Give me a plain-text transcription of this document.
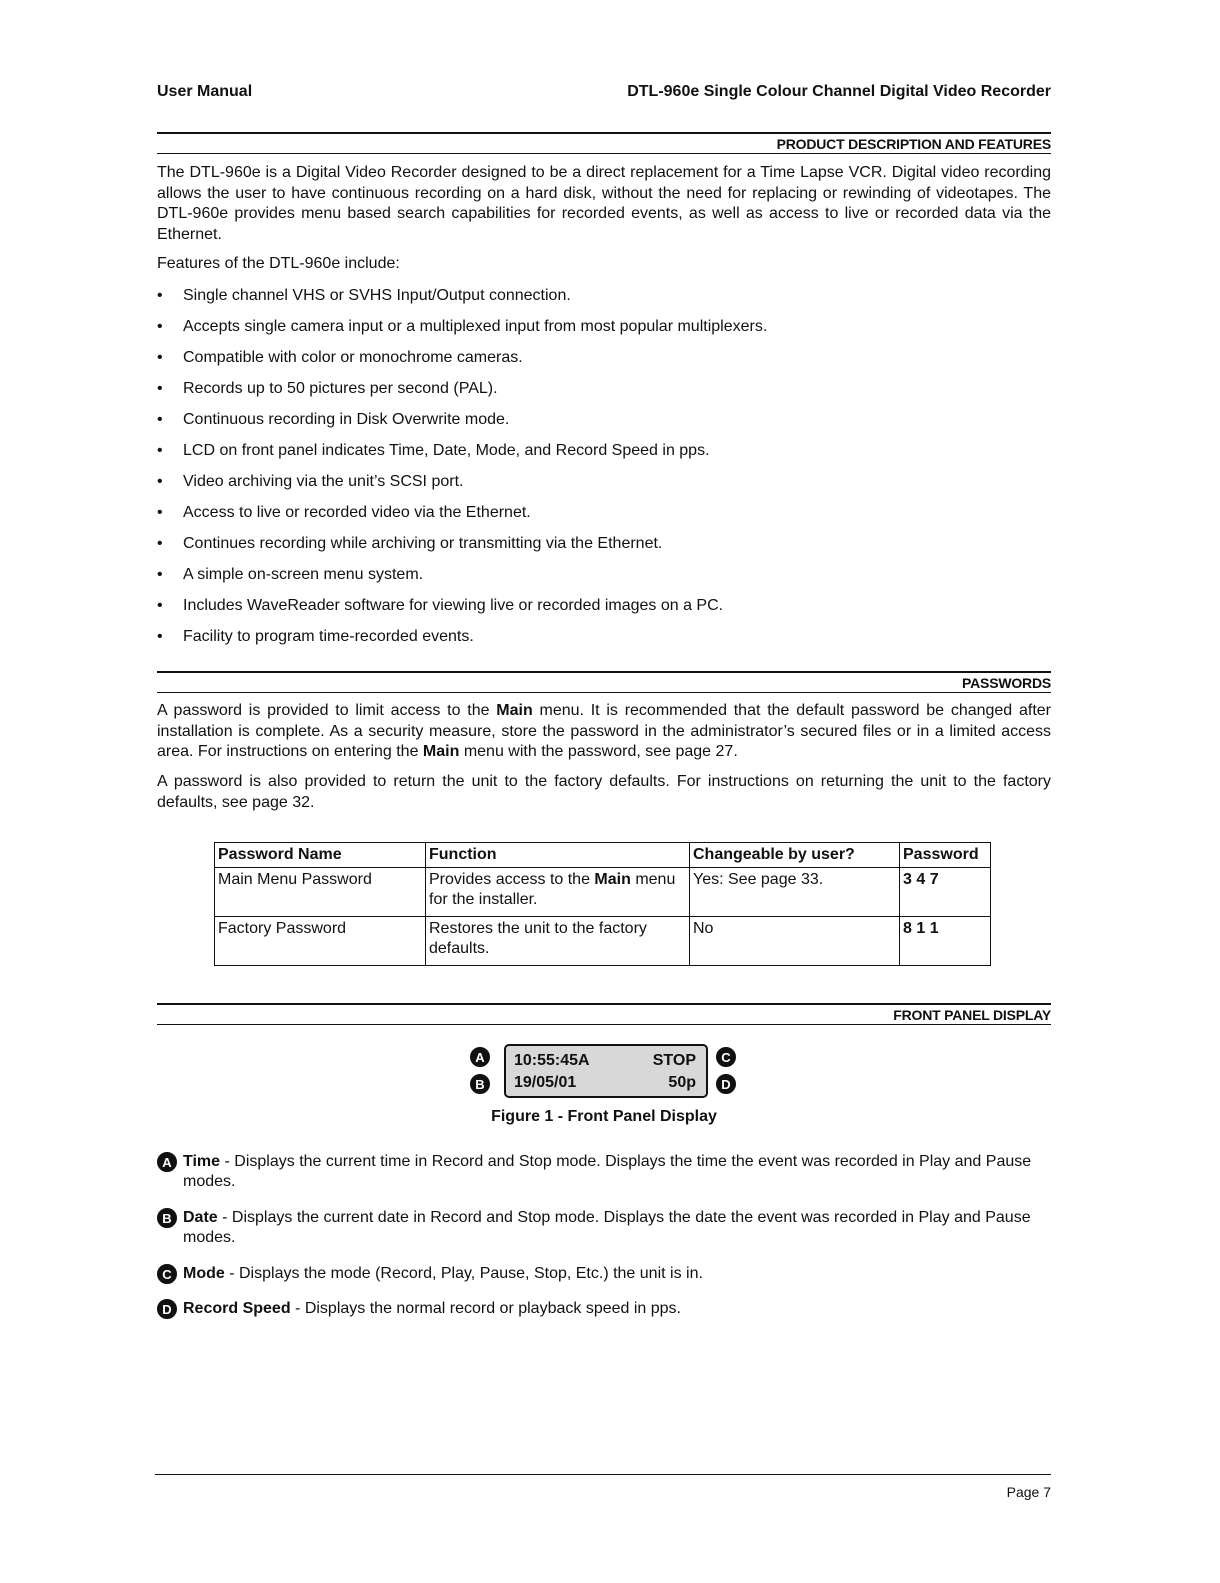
User Manual	DTL-960e Single Colour Channel Digital Video Recorder
PRODUCT DESCRIPTION AND FEATURES

The DTL-960e is a Digital Video Recorder designed to be a direct replacement for a Time Lapse VCR. Digital video recording allows the user to have continuous recording on a hard disk, without the need for replacing or rewinding of videotapes. The DTL-960e provides menu based search capabilities for recorded events, as well as access to live or recorded data via the Ethernet.

Features of the DTL-960e include:

• Single channel VHS or SVHS Input/Output connection.
• Accepts single camera input or a multiplexed input from most popular multiplexers.
• Compatible with color or monochrome cameras.
• Records up to 50 pictures per second (PAL).
• Continuous recording in Disk Overwrite mode.
• LCD on front panel indicates Time, Date, Mode, and Record Speed in pps.
• Video archiving via the unit’s SCSI port.
• Access to live or recorded video via the Ethernet.
• Continues recording while archiving or transmitting via the Ethernet.
• A simple on-screen menu system.
• Includes WaveReader software for viewing live or recorded images on a PC.
• Facility to program time-recorded events.
PASSWORDS

A password is provided to limit access to the Main menu. It is recommended that the default password be changed after installation is complete. As a security measure, store the password in the administrator’s secured files or in a limited access area. For instructions on entering the Main menu with the password, see page 27.

A password is also provided to return the unit to the factory defaults. For instructions on returning the unit to the factory defaults, see page 32.

Password Name	Function	Changeable by user?	Password
Main Menu Password	Provides access to the Main menu for the installer.	Yes: See page 33.	3 4 7
Factory Password	Restores the unit to the factory defaults.	No	8 1 1
FRONT PANEL DISPLAY
A
B
10:55:45A	STOP
19/05/01	50p
C
D
Figure 1 - Front Panel Display
A Time - Displays the current time in Record and Stop mode. Displays the time the event was recorded in Play and Pause modes.
B Date - Displays the current date in Record and Stop mode. Displays the date the event was recorded in Play and Pause modes.
C Mode - Displays the mode (Record, Play, Pause, Stop, Etc.) the unit is in.
D Record Speed - Displays the normal record or playback speed in pps.
Page 7
